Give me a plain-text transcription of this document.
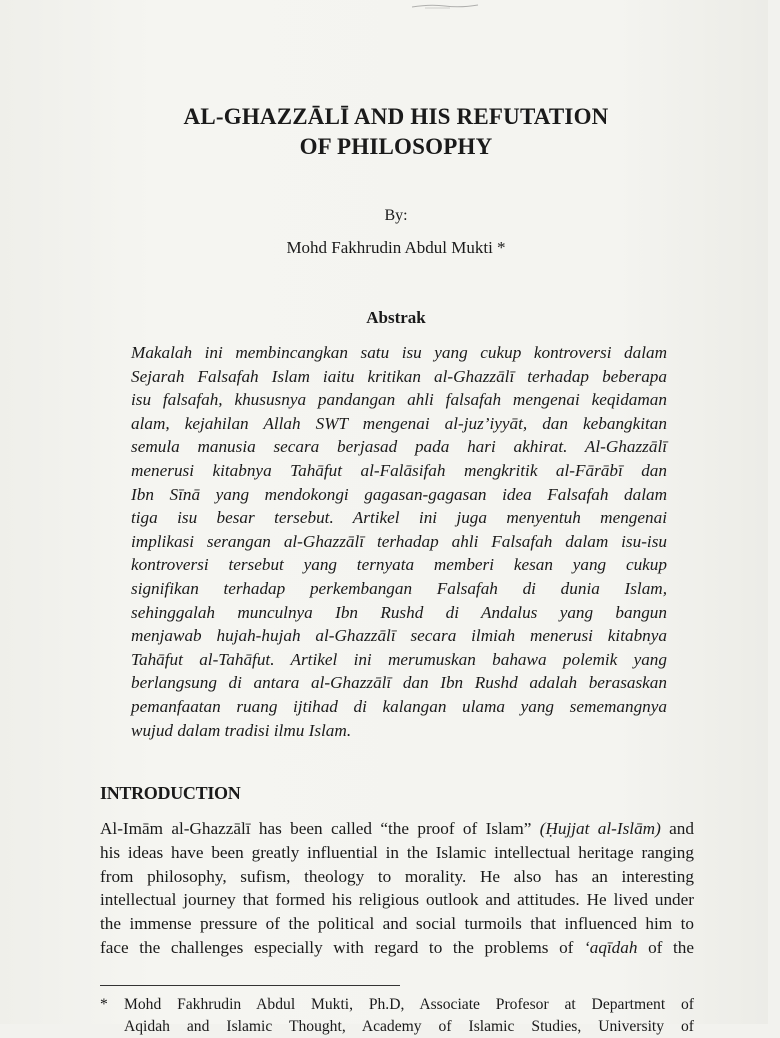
AL-GHAZZĀLĪ AND HIS REFUTATION
OF PHILOSOPHY
By:
Mohd Fakhrudin Abdul Mukti *
Abstrak
Makalah ini membincangkan satu isu yang cukup kontroversi dalam
Sejarah Falsafah Islam iaitu kritikan al-Ghazzālī terhadap beberapa
isu falsafah, khususnya pandangan ahli falsafah mengenai keqidaman
alam, kejahilan Allah SWT mengenai al-juz’iyyāt, dan kebangkitan
semula manusia secara berjasad pada hari akhirat. Al-Ghazzālī
menerusi kitabnya Tahāfut al-Falāsifah mengkritik al-Fārābī dan
Ibn Sīnā yang mendokongi gagasan-gagasan idea Falsafah dalam
tiga isu besar tersebut. Artikel ini juga menyentuh mengenai
implikasi serangan al-Ghazzālī terhadap ahli Falsafah dalam isu-isu
kontroversi tersebut yang ternyata memberi kesan yang cukup
signifikan terhadap perkembangan Falsafah di dunia Islam,
sehinggalah munculnya Ibn Rushd di Andalus yang bangun
menjawab hujah-hujah al-Ghazzālī secara ilmiah menerusi kitabnya
Tahāfut al-Tahāfut. Artikel ini merumuskan bahawa polemik yang
berlangsung di antara al-Ghazzālī dan Ibn Rushd adalah berasaskan
pemanfaatan ruang ijtihad di kalangan ulama yang sememangnya
wujud dalam tradisi ilmu Islam.
INTRODUCTION
Al-Imām al-Ghazzālī has been called “the proof of Islam” (Ḥujjat al-Islām) and
his ideas have been greatly influential in the Islamic intellectual heritage ranging
from philosophy, sufism, theology to morality. He also has an interesting
intellectual journey that formed his religious outlook and attitudes. He lived under
the immense pressure of the political and social turmoils that influenced him to
face the challenges especially with regard to the problems of ‘aqīdah of the
*	Mohd Fakhrudin Abdul Mukti, Ph.D, Associate Profesor at Department of
Aqidah and Islamic Thought, Academy of Islamic Studies, University of
